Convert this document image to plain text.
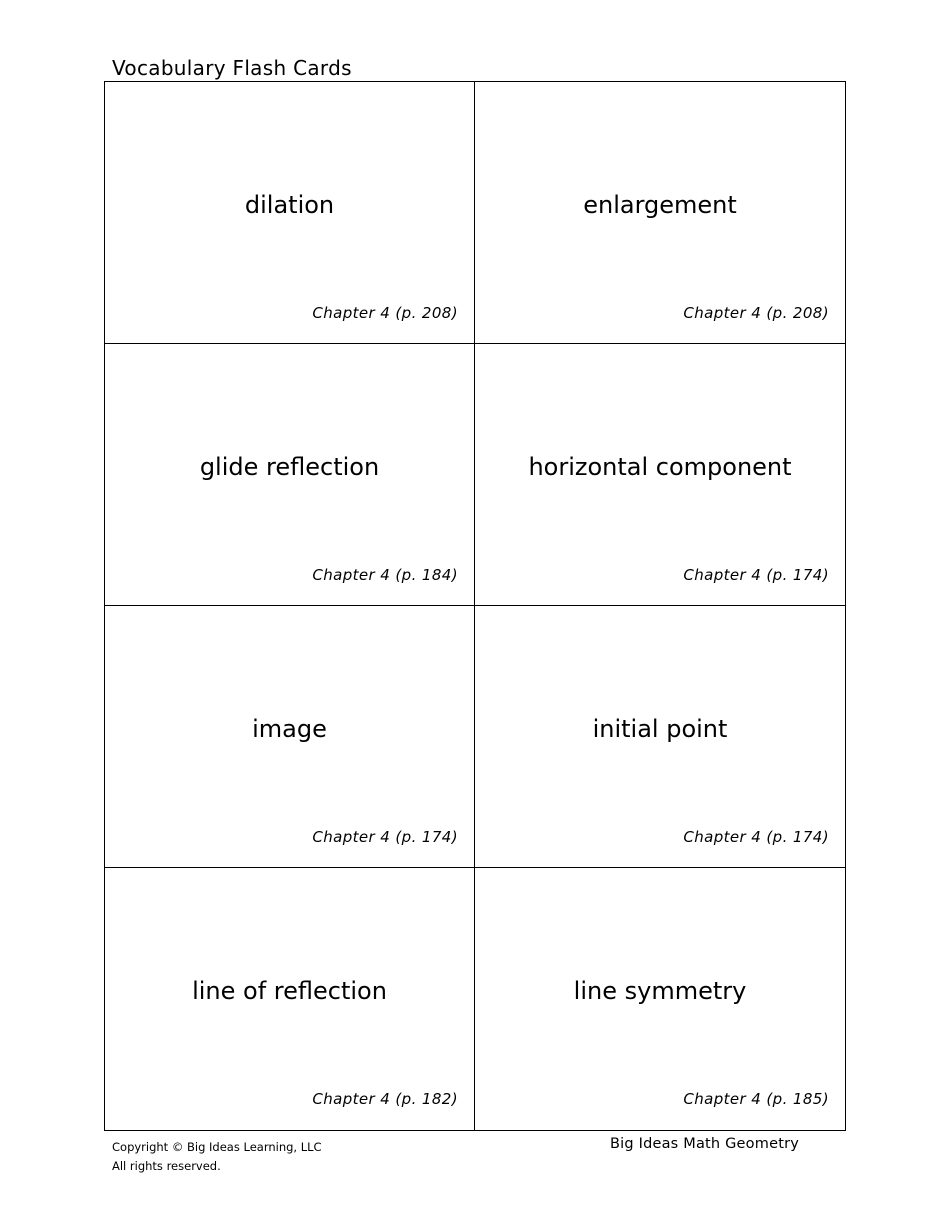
Vocabulary Flash Cards
dilation
Chapter 4 (p. 208)
enlargement
Chapter 4 (p. 208)
glide reflection
Chapter 4 (p. 184)
horizontal component
Chapter 4 (p. 174)
image
Chapter 4 (p. 174)
initial point
Chapter 4 (p. 174)
line of reflection
Chapter 4 (p. 182)
line symmetry
Chapter 4 (p. 185)
Copyright © Big Ideas Learning, LLC
All rights reserved.
Big Ideas Math Geometry
